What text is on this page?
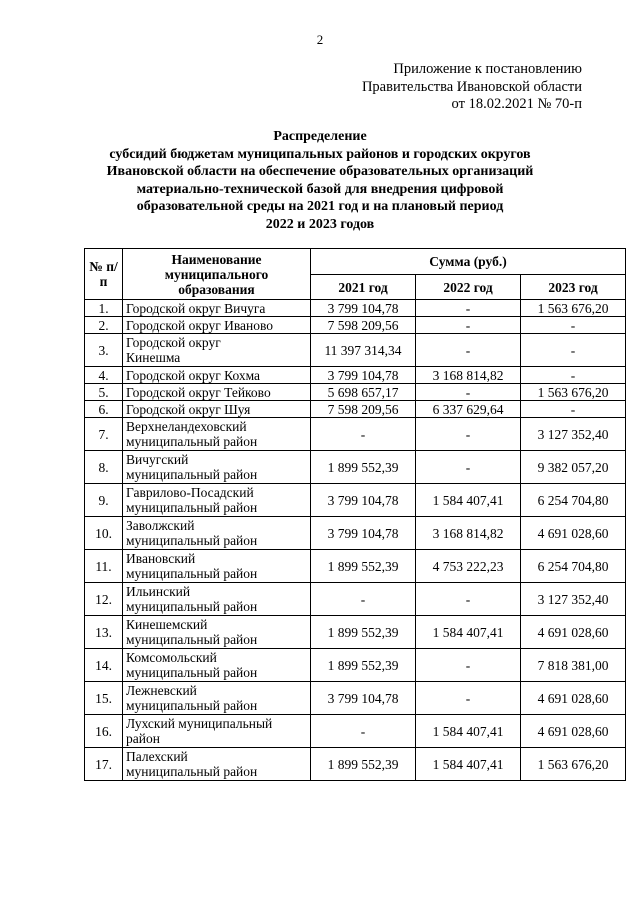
2
Приложение к постановлению
Правительства Ивановской области
от 18.02.2021 № 70-п
Распределение
субсидий бюджетам муниципальных районов и городских округов
Ивановской области на обеспечение образовательных организаций
материально-технической базой для внедрения цифровой
образовательной среды на 2021 год и на плановый период
2022 и 2023 годов
№ п/п	Наименование муниципального образования	Сумма (руб.)		
		2021 год	2022 год	2023 год
1.	Городской округ Вичуга	3 799 104,78	-	1 563 676,20
2.	Городской округ Иваново	7 598 209,56	-	-
3.	Городской округ
Кинешма	11 397 314,34	-	-
4.	Городской округ Кохма	3 799 104,78	3 168 814,82	-
5.	Городской округ Тейково	5 698 657,17	-	1 563 676,20
6.	Городской округ Шуя	7 598 209,56	6 337 629,64	-
7.	Верхнеландеховский
муниципальный район	-	-	3 127 352,40
8.	Вичугский
муниципальный район	1 899 552,39	-	9 382 057,20
9.	Гаврилово-Посадский
муниципальный район	3 799 104,78	1 584 407,41	6 254 704,80
10.	Заволжский
муниципальный район	3 799 104,78	3 168 814,82	4 691 028,60
11.	Ивановский
муниципальный район	1 899 552,39	4 753 222,23	6 254 704,80
12.	Ильинский
муниципальный район	-	-	3 127 352,40
13.	Кинешемский
муниципальный район	1 899 552,39	1 584 407,41	4 691 028,60
14.	Комсомольский
муниципальный район	1 899 552,39	-	7 818 381,00
15.	Лежневский
муниципальный район	3 799 104,78	-	4 691 028,60
16.	Лухский муниципальный
район	-	1 584 407,41	4 691 028,60
17.	Палехский
муниципальный район	1 899 552,39	1 584 407,41	1 563 676,20
